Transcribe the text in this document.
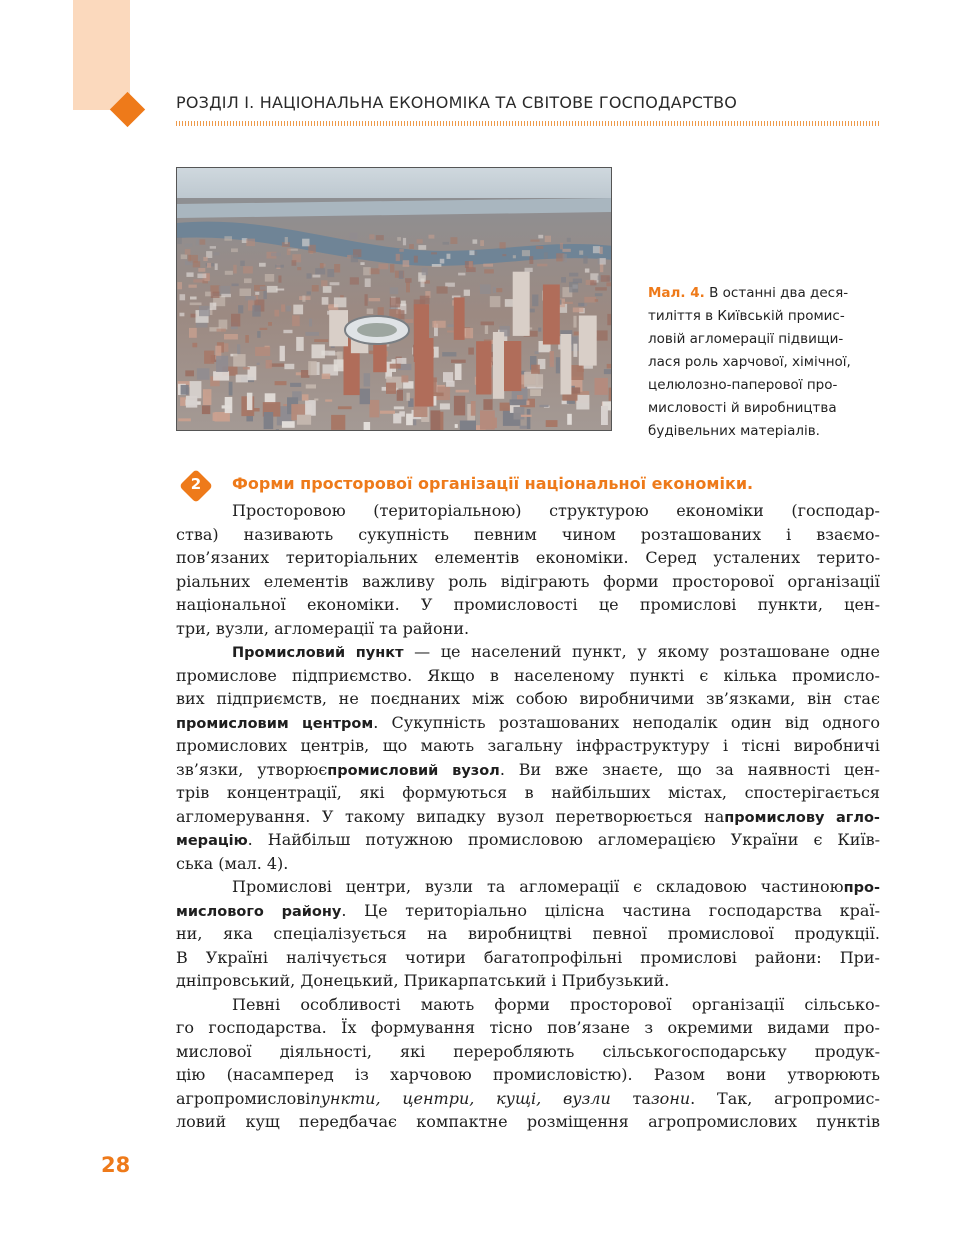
РОЗДІЛ І. НАЦІОНАЛЬНА ЕКОНОМІКА ТА СВІТОВЕ ГОСПОДАРСТВО
Мал. 4. В останні два деся-
тиліття в Київській промис-
ловій агломерації підвищи-
лася роль харчової, хімічної,
целюлозно-паперової про-
мисловості й виробництва
будівельних матеріалів.
2	Форми просторової організації національної економіки.
Просторовою (територіальною) структурою економіки (господар-
ства) називають сукупність певним чином розташованих і взаємо-
пов’язаних територіальних елементів економіки. Серед усталених терито-
ріальних елементів важливу роль відіграють форми просторової організації
національної економіки. У промисловості це промислові пункти, цен-
три, вузли, агломерації та райони.
Промисловий пункт — це населений пункт, у якому розташоване одне
промислове підприємство. Якщо в населеному пункті є кілька промисло-
вих підприємств, не поєднаних між собою виробничими зв’язками, він стає
промисловим центром. Сукупність розташованих неподалік один від одного
промислових центрів, що мають загальну інфраструктуру і тісні виробничі
зв’язки, утворюєпромисловий вузол. Ви вже знаєте, що за наявності цен-
трів концентрації, які формуються в найбільших містах, спостерігається
агломерування. У такому випадку вузол перетворюється напромислову агло-
мерацію. Найбільш потужною промисловою агломерацією України є Київ-
ська (мал. 4).
Промислові центри, вузли та агломерації є складовою частиноюпро-
мислового району. Це територіально цілісна частина господарства краї-
ни, яка спеціалізується на виробництві певної промислової продукції.
В Україні налічується чотири багатопрофільні промислові райони: При-
дніпровський, Донецький, Прикарпатський і Прибузький.
Певні особливості мають форми просторової організації сільсько-
го господарства. Їх формування тісно пов’язане з окремими видами про-
мислової діяльності, які переробляють сільськогосподарську продук-
цію (насамперед із харчовою промисловістю). Разом вони утворюють
агропромисловіпункти, центри, кущі, вузли тазони. Так, агропромис-
ловий кущ передбачає компактне розміщення агропромислових пунктів
28
